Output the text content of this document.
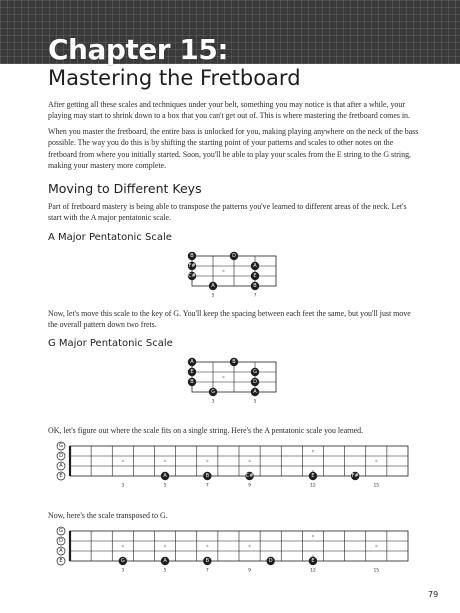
Chapter 15:
Mastering the Fretboard

After getting all these scales and techniques under your belt, something you may notice is that after a while, your playing may start to shrink down to a box that you can't get out of. This is where mastering the fretboard comes in.

When you master the fretboard, the entire bass is unlocked for you, making playing anywhere on the neck of the bass possible. The way you do this is by shifting the starting point of your patterns and scales to other notes on the fretboard from where you initially started. Soon, you'll be able to play your scales from the E string to the G string, making your mastery more complete.

Moving to Different Keys

Part of fretboard mastery is being able to transpose the patterns you've learned to different areas of the neck. Let's start with the A major pentatonic scale.

A Major Pentatonic Scale
B	D
F#	A
C#	E
A	B
5	7

Now, let's move this scale to the key of G. You'll keep the spacing between each feet the same, but you'll just move the overall pattern down two frets.

G Major Pentatonic Scale
A	B
E	G
B	D
G	A
3	5

OK, let's figure out where the scale fits on a single string. Here's the A pentatonic scale you learned.

G
D
A
E	A	B	C#	E	F#
3	5	7	9	12	15

Now, here's the scale transposed to G.

G
D
A
E	G	A	B	D	E
3	5	7	9	12	15
79
